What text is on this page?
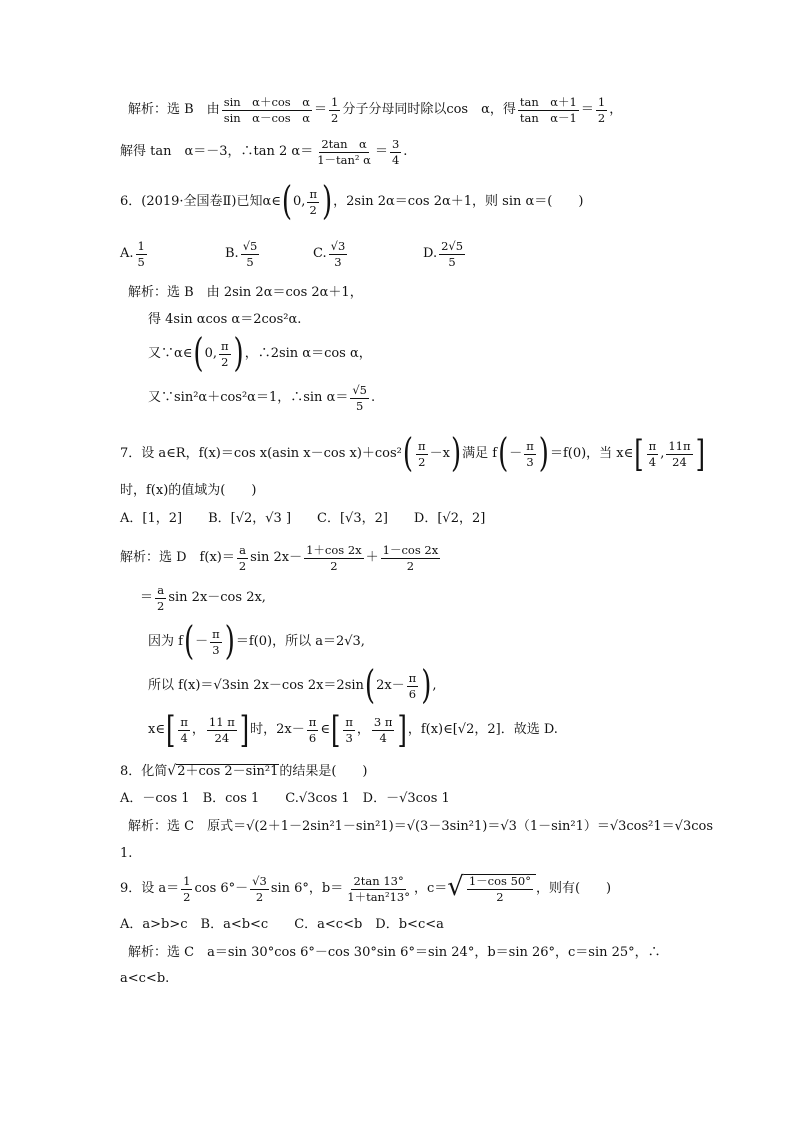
解析：选 B　由 $\frac{\text{sin　α＋cos　α}}{\text{sin　α－cos　α}} = \frac{1}{2}$ 分子分母同时除以cos　α，得 $\frac{\text{tan　α＋1}}{\text{tan　α－1}} = \frac{1}{2}$ ，
解得 tan　α＝－3，∴tan 2 $\alpha= \frac{\text{2tan　α}}{\text{1－tan² α}} = \frac{3}{4}$ .
6．(2019·全国卷Ⅱ)已知α∈ ( 0, $\frac{\pi}{2}$ ) ，2sin 2α＝cos 2α＋1，则 sin α＝(　　)
A. $\frac{1}{5}$	B. $\frac{√5}{5}$	C. $\frac{√3}{3}$	D. $\frac{2√5}{5}$
解析：选 B　由 2sin 2α＝cos 2α＋1，
得 4sin αcos α＝2cos²α.
又∵α∈ ( 0, $\frac{\pi}{2}$ ) ，∴2sin α＝cos α，
又∵sin²α＋cos²α＝1，∴sin $\alpha= \frac{√5}{5}$ .
7．设 a∈R，f(x)＝cos x(asin x－cos x)＋cos² ( $\frac{\pi}{2} -x$ ) 满足 f ( － $\frac{\pi}{3}$ ) ＝f(0)，当 x∈ [ $\frac{\pi}{4}$ , $\frac{11\pi}{24}$ ]
时，f(x)的值域为(　　)
A．[1，2]　　B．[√2，√3 ]　　C．[√3，2]　　D．[√2，2]
解析：选 D　$f(x)= \frac{a}{2}$ $\sin 2x- \frac{1+\cos 2x}{2} + \frac{1-\cos 2x}{2}$
＝ $\frac{a}{2}$ sin 2x－cos 2x,
因为 f ( － $\frac{\pi}{3}$ ) ＝f(0)，所以 a＝2√3,
所以 f(x)＝√3sin 2x－cos 2x＝2sin ( $2x- \frac{\pi}{6}$ ) ,
x∈ [ $\frac{\pi}{4}$ ， $\frac{11 \pi}{24}$ ] 时，$2x- \frac{\pi}{6}$ ∈ [ $\frac{\pi}{3}$ ， $\frac{3 \pi}{4}$ ] ，f(x)∈[√2，2]．故选 D.
8．化简 √ 2＋cos 2－sin²1 的结果是(　　)
A．－cos 1　B．cos 1　　C.√3cos 1　D．－√3cos 1
解析：选 C　原式＝√(2＋1－2sin²1－sin²1)＝√(3－3sin²1)＝√3（1－sin²1）＝√3cos²1＝√3cos
1.
9．设 $a= \frac{1}{2}$ $\cos 6^\circ- \frac{√3}{2}$ sin 6°，$b= \frac{2\tan 13^\circ}{\text{1＋tan²13°}}$ ，c＝ √ $\frac{1-\cos 50^\circ}{2}$ ，则有(　　)
A．a>b>c　B．a<b<c　　C．a<c<b　D．b<c<a
解析：选 C　a＝sin 30°cos 6°－cos 30°sin 6°＝sin 24°，b＝sin 26°，c＝sin 25°，∴
a<c<b.
